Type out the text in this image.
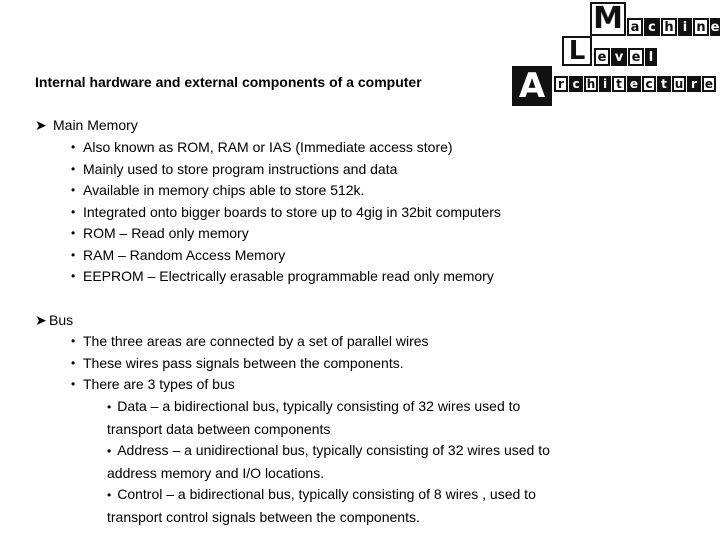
Internal hardware and external components of a computer
M a c h i n e
L e v e l
A	r c h i t e c t u r e
➤ Main Memory
• Also known as ROM, RAM or IAS (Immediate access store)
• Mainly used to store program instructions and data
• Available in memory chips able to store 512k.
• Integrated onto bigger boards to store up to 4gig in 32bit computers
• ROM – Read only memory
• RAM – Random Access Memory
• EEPROM – Electrically erasable programmable read only memory
➤ Bus
• The three areas are connected by a set of parallel wires
• These wires pass signals between the components.
• There are 3 types of bus
• Data – a bidirectional bus, typically consisting of 32 wires used to
transport data between components
• Address – a unidirectional bus, typically consisting of 32 wires used to
address memory and I/O locations.
• Control – a bidirectional bus, typically consisting of 8 wires , used to
transport control signals between the components.
